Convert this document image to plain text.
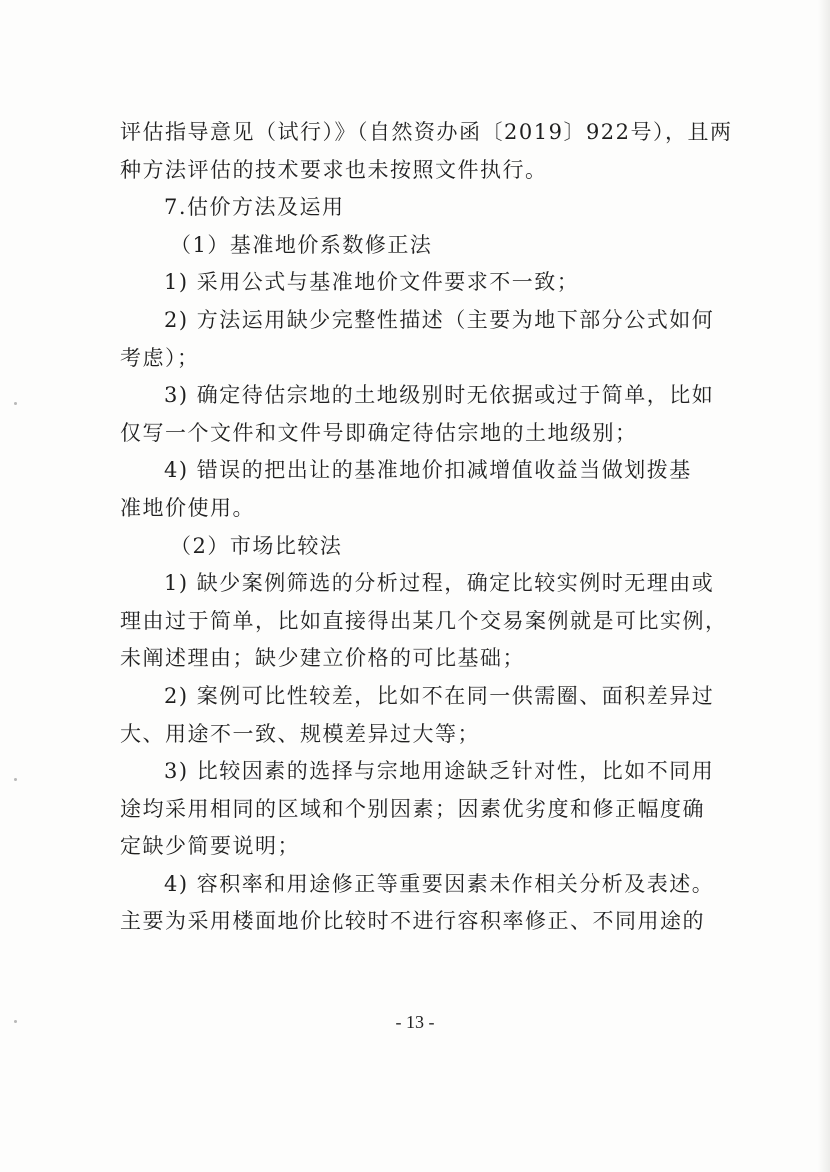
评估指导意见（试行）》（自然资办函〔2019〕922号），且两
种方法评估的技术要求也未按照文件执行。
7.估价方法及运用
（1）基准地价系数修正法
1) 采用公式与基准地价文件要求不一致；
2) 方法运用缺少完整性描述（主要为地下部分公式如何
考虑）；
3) 确定待估宗地的土地级别时无依据或过于简单，比如
仅写一个文件和文件号即确定待估宗地的土地级别；
4) 错误的把出让的基准地价扣减增值收益当做划拨基
准地价使用。
（2）市场比较法
1) 缺少案例筛选的分析过程，确定比较实例时无理由或
理由过于简单，比如直接得出某几个交易案例就是可比实例，
未阐述理由；缺少建立价格的可比基础；
2) 案例可比性较差，比如不在同一供需圈、面积差异过
大、用途不一致、规模差异过大等；
3) 比较因素的选择与宗地用途缺乏针对性，比如不同用
途均采用相同的区域和个别因素；因素优劣度和修正幅度确
定缺少简要说明；
4) 容积率和用途修正等重要因素未作相关分析及表述。
主要为采用楼面地价比较时不进行容积率修正、不同用途的
- 13 -
